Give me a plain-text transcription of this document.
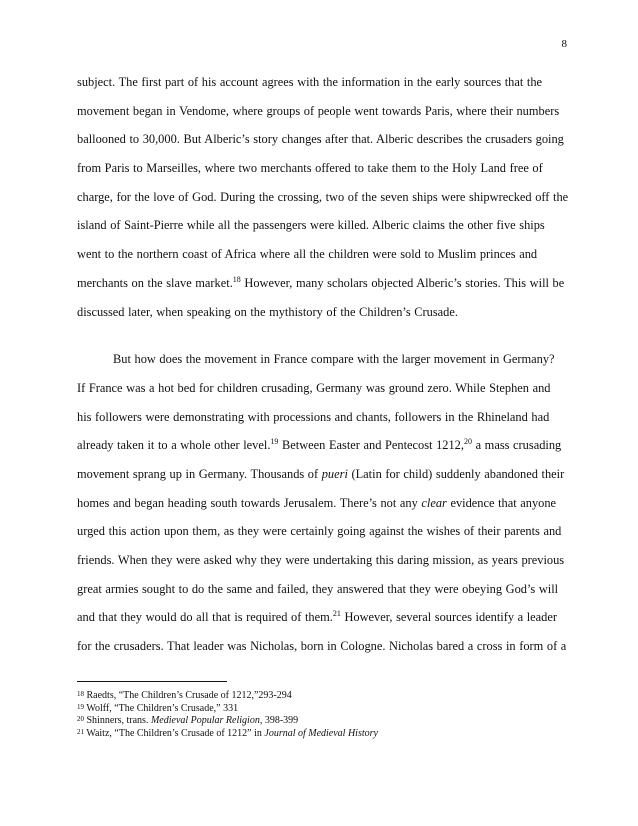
8
subject. The first part of his account agrees with the information in the early sources that the
movement began in Vendome, where groups of people went towards Paris, where their numbers
ballooned to 30,000. But Alberic’s story changes after that. Alberic describes the crusaders going
from Paris to Marseilles, where two merchants offered to take them to the Holy Land free of
charge, for the love of God. During the crossing, two of the seven ships were shipwrecked off the
island of Saint-Pierre while all the passengers were killed. Alberic claims the other five ships
went to the northern coast of Africa where all the children were sold to Muslim princes and
merchants on the slave market.$^{18}$ However, many scholars objected Alberic’s stories. This will be
discussed later, when speaking on the mythistory of the Children’s Crusade.
But how does the movement in France compare with the larger movement in Germany?
If France was a hot bed for children crusading, Germany was ground zero. While Stephen and
his followers were demonstrating with processions and chants, followers in the Rhineland had
already taken it to a whole other level.$^{19}$ Between Easter and Pentecost 1212,20 a mass crusading
movement sprang up in Germany. Thousands of pueri (Latin for child) suddenly abandoned their
homes and began heading south towards Jerusalem. There’s not any clear evidence that anyone
urged this action upon them, as they were certainly going against the wishes of their parents and
friends. When they were asked why they were undertaking this daring mission, as years previous
great armies sought to do the same and failed, they answered that they were obeying God’s will
and that they would do all that is required of them.$^{21}$ However, several sources identify a leader
for the crusaders. That leader was Nicholas, born in Cologne. Nicholas bared a cross in form of a
$^{18}$ Raedts, “The Children’s Crusade of 1212,”293-294
$^{19}$ Wolff, “The Children’s Crusade,” 331
$^{20}$ Shinners, trans. Medieval Popular Religion, 398-399
$^{21}$ Waitz, “The Children’s Crusade of 1212” in Journal of Medieval History
